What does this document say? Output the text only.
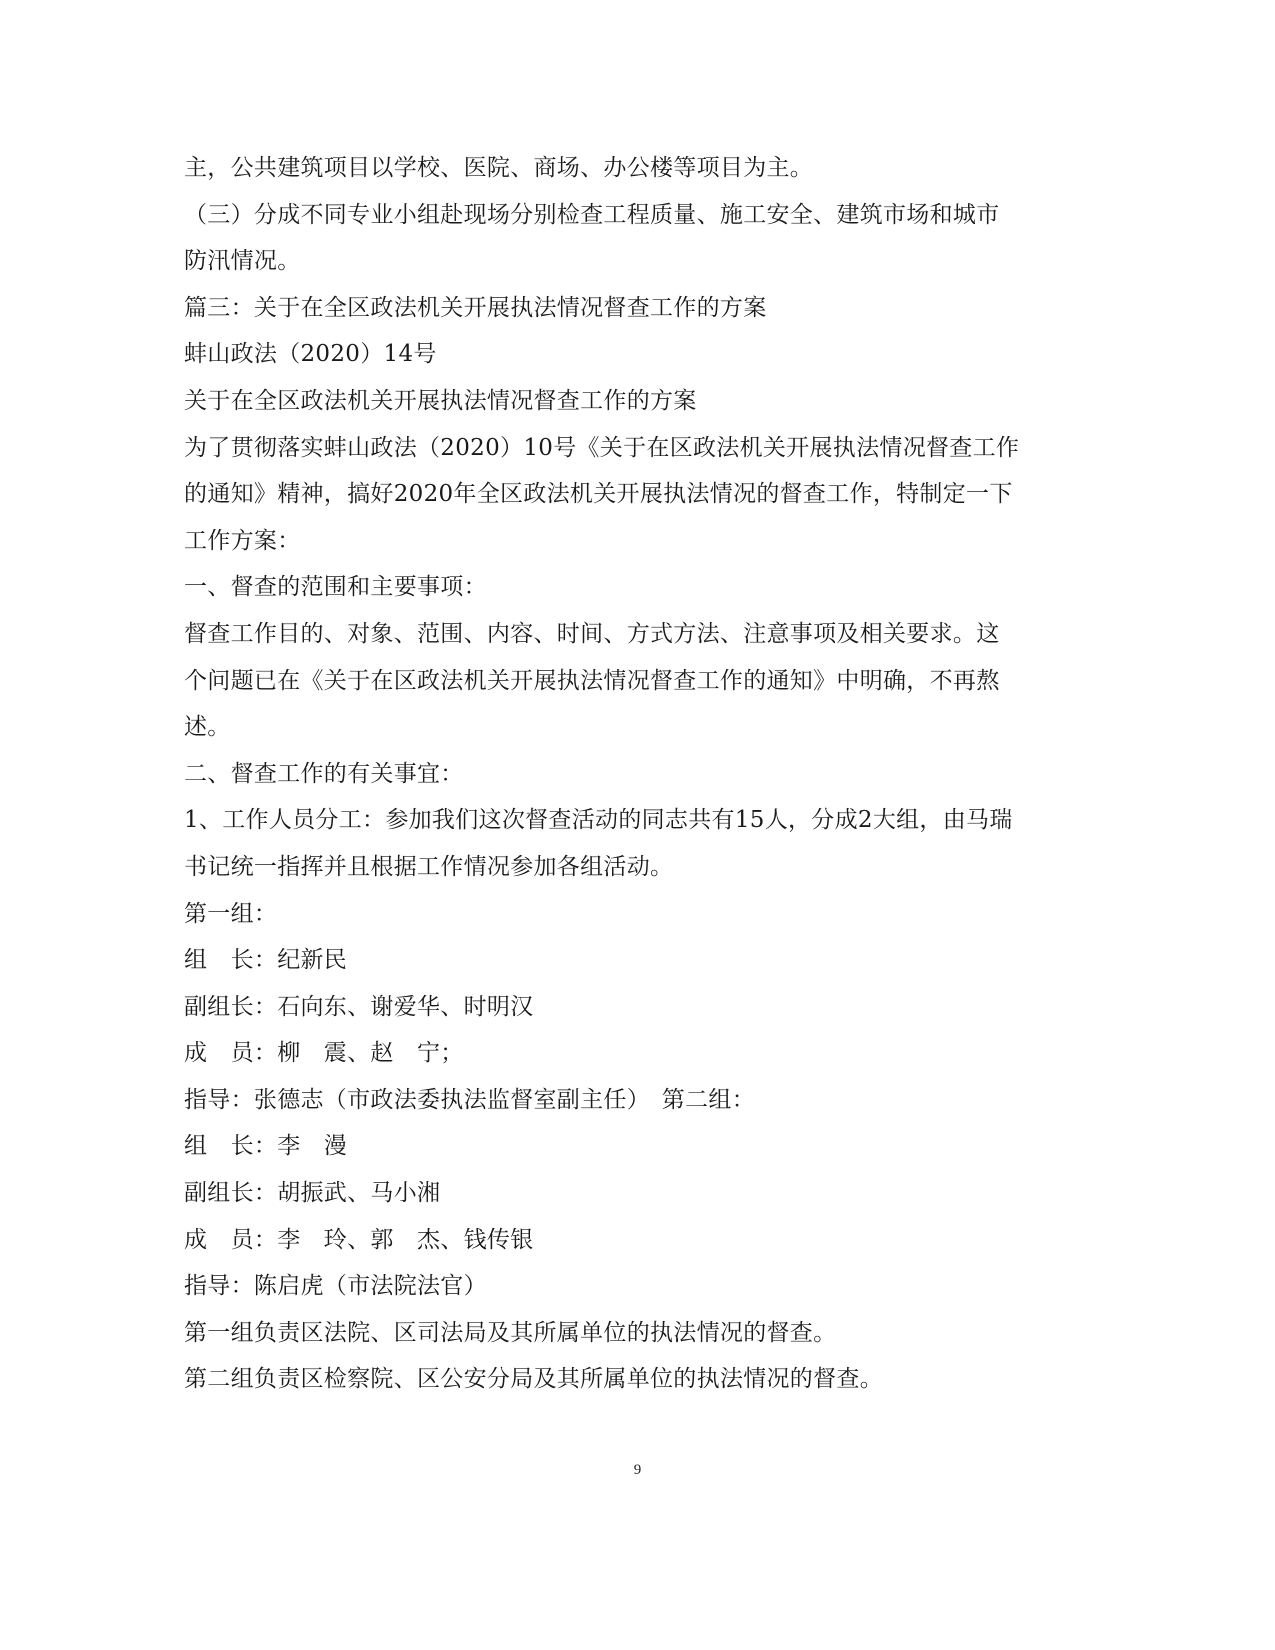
主，公共建筑项目以学校、医院、商场、办公楼等项目为主。
（三）分成不同专业小组赴现场分别检查工程质量、施工安全、建筑市场和城市
防汛情况。
篇三：关于在全区政法机关开展执法情况督查工作的方案
蚌山政法（2020）14号
关于在全区政法机关开展执法情况督查工作的方案
为了贯彻落实蚌山政法（2020）10号《关于在区政法机关开展执法情况督查工作
的通知》精神，搞好2020年全区政法机关开展执法情况的督查工作，特制定一下
工作方案：
一、督查的范围和主要事项：
督查工作目的、对象、范围、内容、时间、方式方法、注意事项及相关要求。这
个问题已在《关于在区政法机关开展执法情况督查工作的通知》中明确，不再熬
述。
二、督查工作的有关事宜：
1、工作人员分工：参加我们这次督查活动的同志共有15人，分成2大组，由马瑞
书记统一指挥并且根据工作情况参加各组活动。
第一组：
组　长：纪新民
副组长：石向东、谢爱华、时明汉
成　员：柳　震、赵　宁；
指导：张德志（市政法委执法监督室副主任）　第二组：
组　长：李　漫
副组长：胡振武、马小湘
成　员：李　玲、郭　杰、钱传银
指导：陈启虎（市法院法官）
第一组负责区法院、区司法局及其所属单位的执法情况的督查。
第二组负责区检察院、区公安分局及其所属单位的执法情况的督查。
9
